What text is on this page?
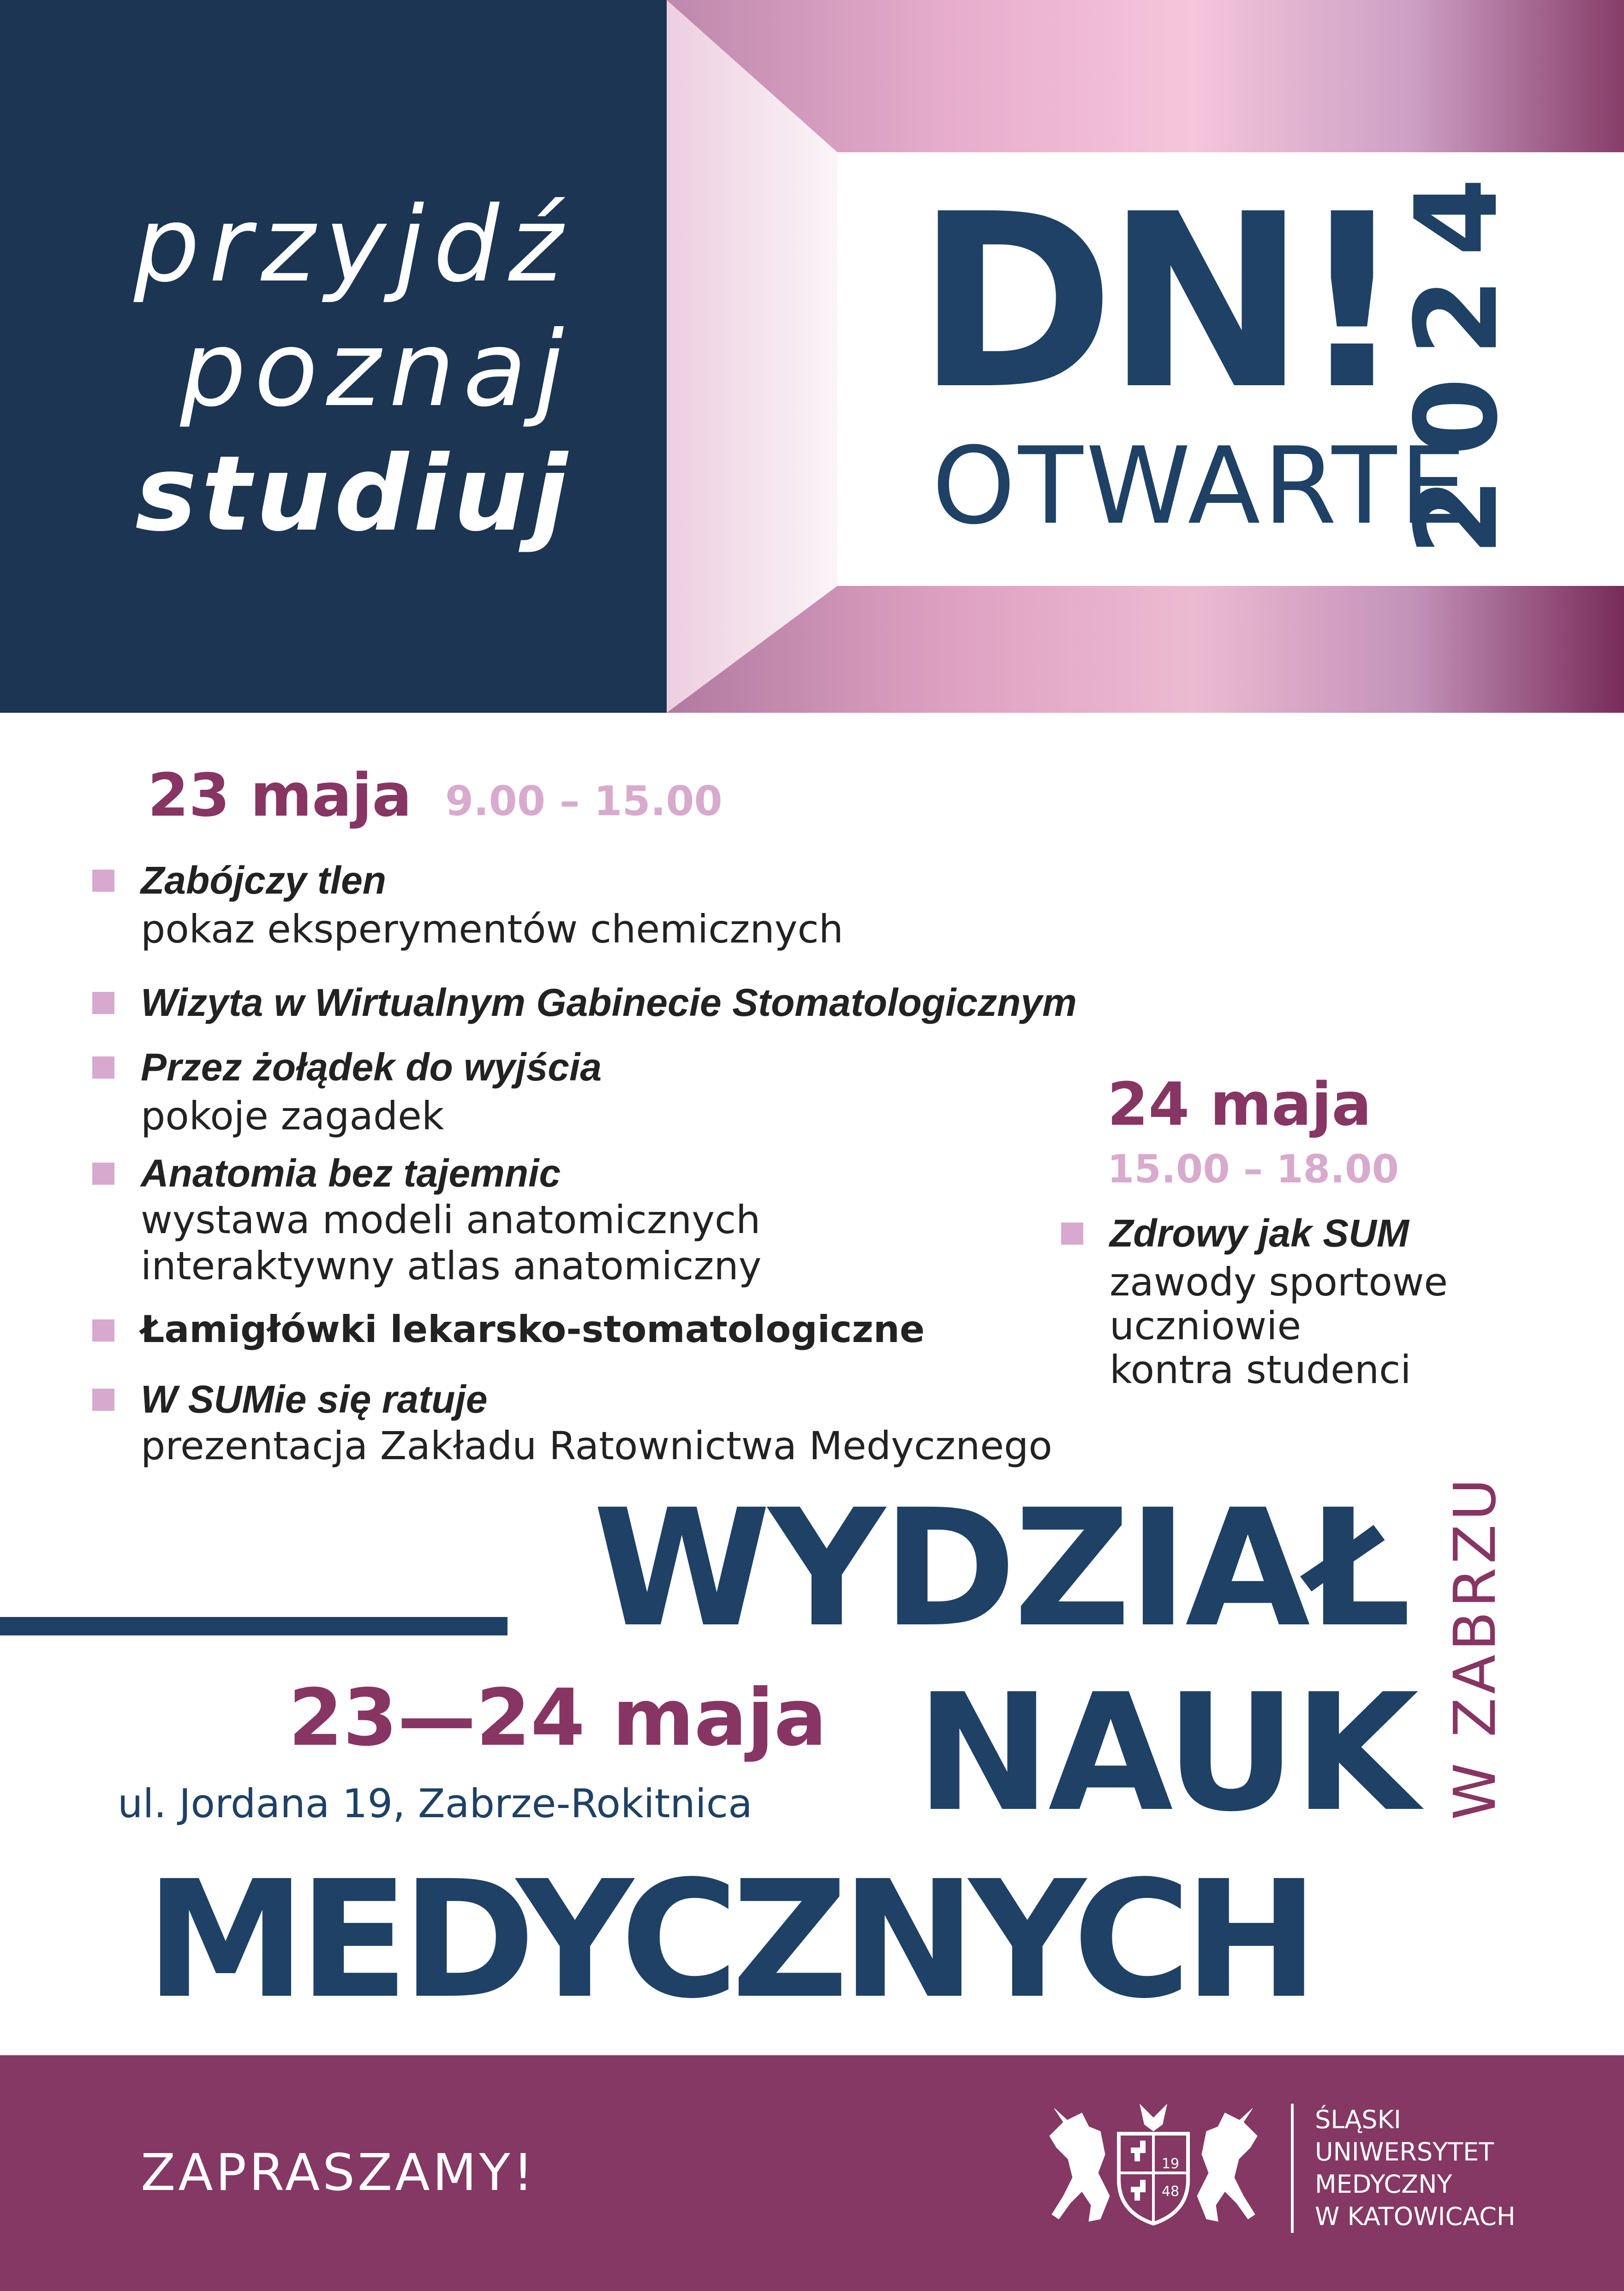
przyjdź
poznaj
studiuj
DN!
OTWARTE
2024
23 maja 9.00 – 15.00
Zabójczy tlen
pokaz eksperymentów chemicznych
Wizyta w Wirtualnym Gabinecie Stomatologicznym
Przez żołądek do wyjścia
pokoje zagadek
Anatomia bez tajemnic
wystawa modeli anatomicznych
interaktywny atlas anatomiczny
Łamigłówki lekarsko-stomatologiczne
W SUMie się ratuje
prezentacja Zakładu Ratownictwa Medycznego
24 maja
15.00 – 18.00
Zdrowy jak SUM
zawody sportowe
uczniowie
kontra studenci
WYDZIAŁ
NAUK
MEDYCZNYCH
W ZABRZU
23—24 maja
ul. Jordana 19, Zabrze-Rokitnica
ZAPRASZAMY!	19
48
ŚLĄSKI
UNIWERSYTET
MEDYCZNY
W KATOWICACH
